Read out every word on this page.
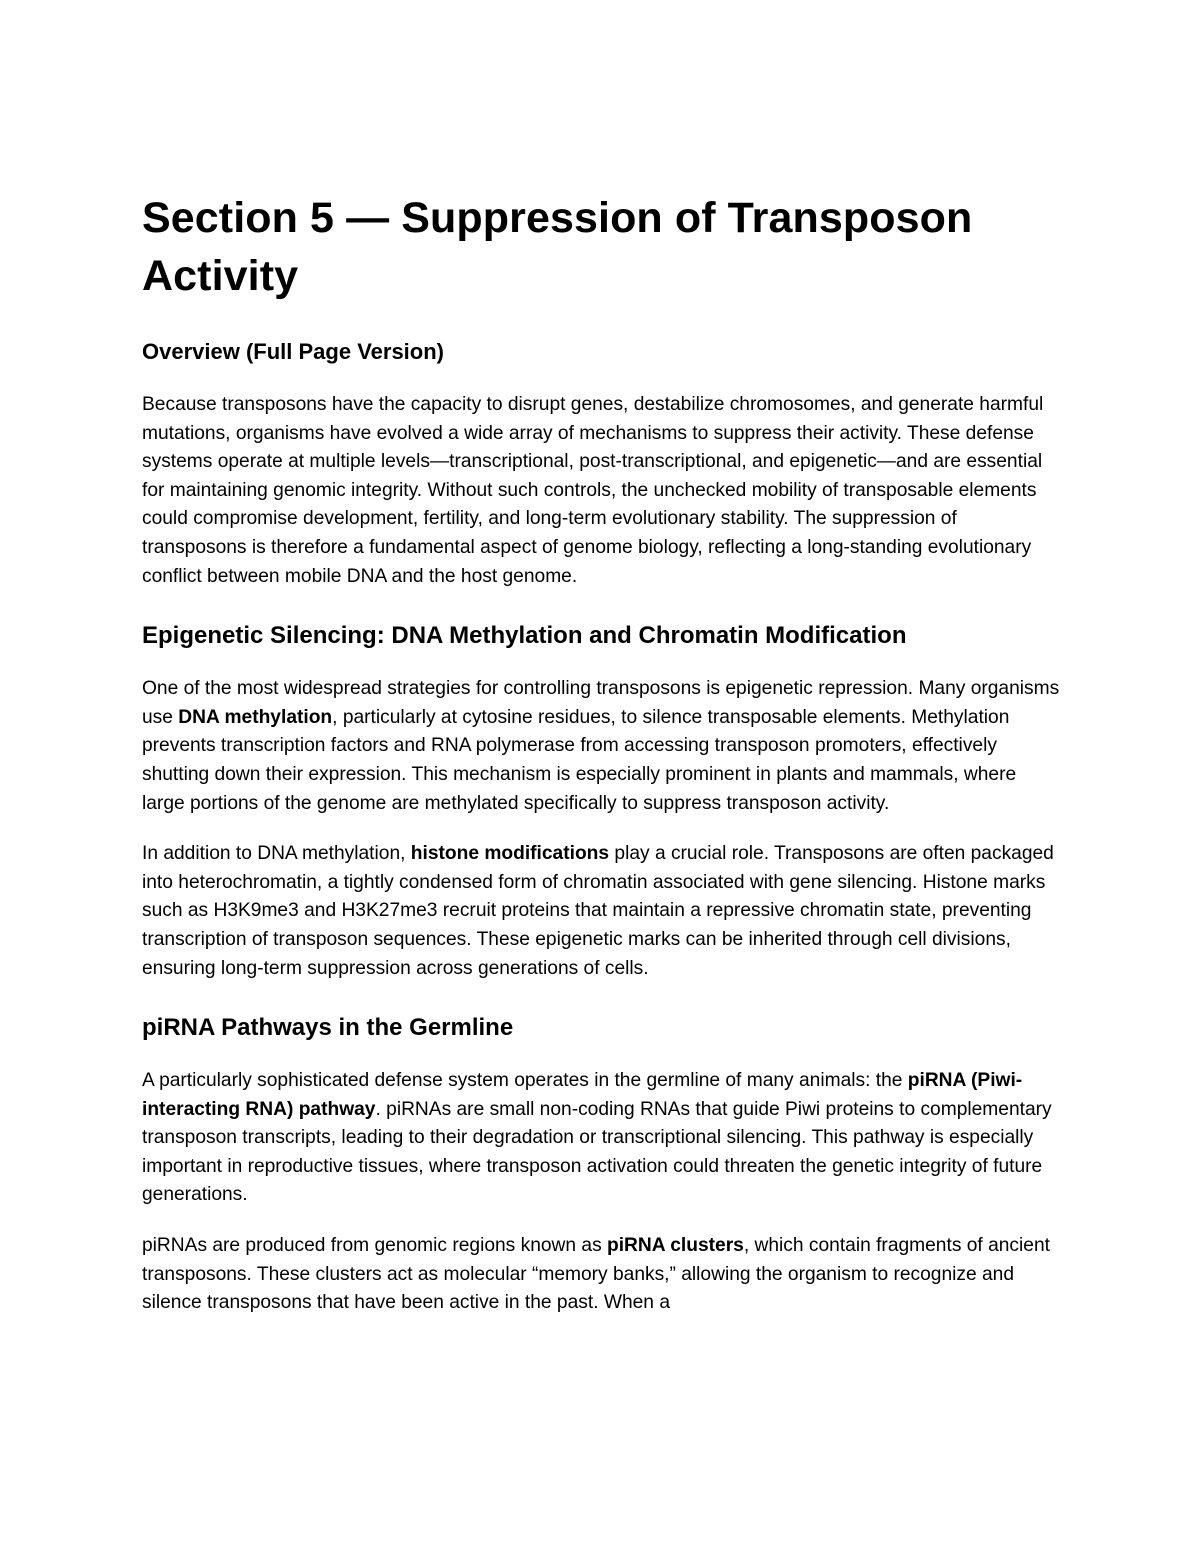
Section 5 — Suppression of Transposon Activity
Overview (Full Page Version)

Because transposons have the capacity to disrupt genes, destabilize chromosomes, and generate harmful mutations, organisms have evolved a wide array of mechanisms to suppress their activity. These defense systems operate at multiple levels—transcriptional, post-transcriptional, and epigenetic—and are essential for maintaining genomic integrity. Without such controls, the unchecked mobility of transposable elements could compromise development, fertility, and long-term evolutionary stability. The suppression of transposons is therefore a fundamental aspect of genome biology, reflecting a long-standing evolutionary conflict between mobile DNA and the host genome.

Epigenetic Silencing: DNA Methylation and Chromatin Modification

One of the most widespread strategies for controlling transposons is epigenetic repression. Many organisms use DNA methylation, particularly at cytosine residues, to silence transposable elements. Methylation prevents transcription factors and RNA polymerase from accessing transposon promoters, effectively shutting down their expression. This mechanism is especially prominent in plants and mammals, where large portions of the genome are methylated specifically to suppress transposon activity.

In addition to DNA methylation, histone modifications play a crucial role. Transposons are often packaged into heterochromatin, a tightly condensed form of chromatin associated with gene silencing. Histone marks such as H3K9me3 and H3K27me3 recruit proteins that maintain a repressive chromatin state, preventing transcription of transposon sequences. These epigenetic marks can be inherited through cell divisions, ensuring long-term suppression across generations of cells.

piRNA Pathways in the Germline

A particularly sophisticated defense system operates in the germline of many animals: the piRNA (Piwi-interacting RNA) pathway. piRNAs are small non-coding RNAs that guide Piwi proteins to complementary transposon transcripts, leading to their degradation or transcriptional silencing. This pathway is especially important in reproductive tissues, where transposon activation could threaten the genetic integrity of future generations.

piRNAs are produced from genomic regions known as piRNA clusters, which contain fragments of ancient transposons. These clusters act as molecular “memory banks,” allowing the organism to recognize and silence transposons that have been active in the past. When a
